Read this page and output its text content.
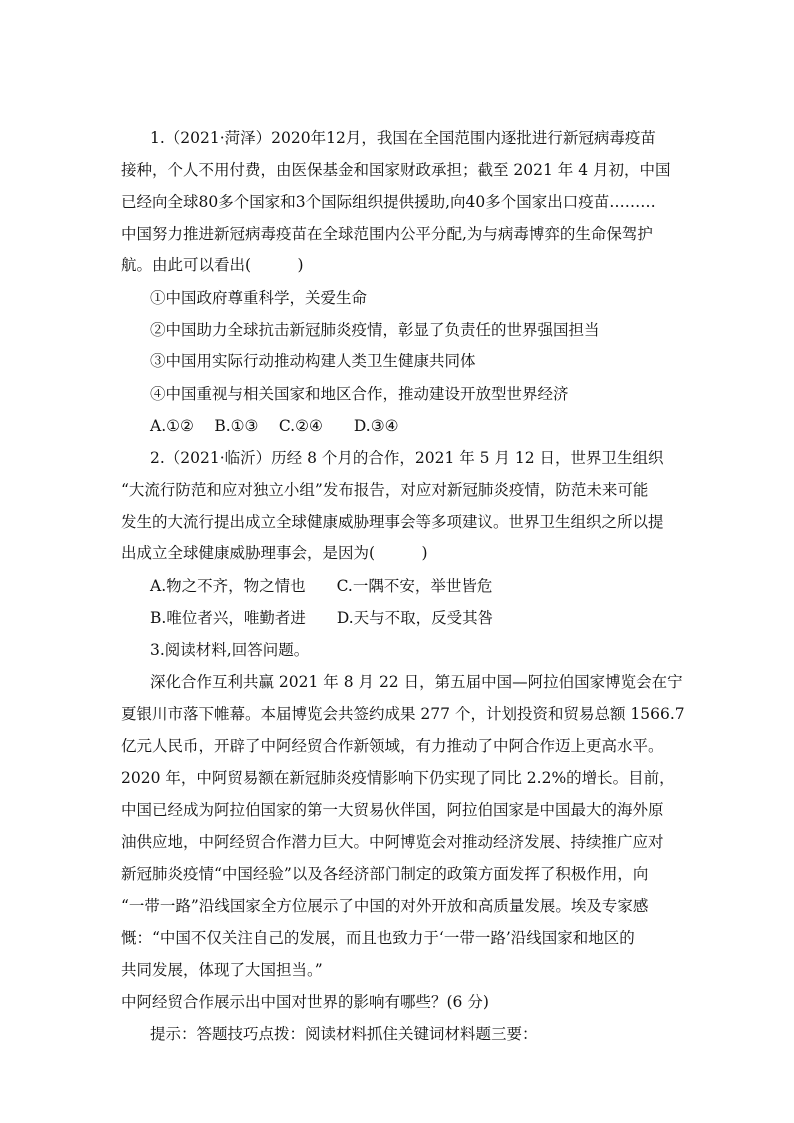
1.（2021·菏泽）2020年12月，我国在全国范围内逐批进行新冠病毒疫苗
接种，个人不用付费，由医保基金和国家财政承担；截至 2021 年 4 月初，中国
已经向全球80多个国家和3个国际组织提供援助,向40多个国家出口疫苗………
中国努力推进新冠病毒疫苗在全球范围内公平分配,为与病毒博弈的生命保驾护
航。由此可以看出(　　　)
①中国政府尊重科学，关爱生命
②中国助力全球抗击新冠肺炎疫情，彰显了负责任的世界强国担当
③中国用实际行动推动构建人类卫生健康共同体
④中国重视与相关国家和地区合作，推动建设开放型世界经济
A.①②　 B.①③　 C.②④　　D.③④
2.（2021·临沂）历经 8 个月的合作，2021 年 5 月 12 日，世界卫生组织
“大流行防范和应对独立小组”发布报告，对应对新冠肺炎疫情，防范未来可能
发生的大流行提出成立全球健康威胁理事会等多项建议。世界卫生组织之所以提
出成立全球健康威胁理事会，是因为(　　　)
A.物之不齐，物之情也　　C.一隅不安，举世皆危
B.唯位者兴，唯勤者进　　D.天与不取，反受其咎
3.阅读材料,回答问题。
深化合作互利共赢 2021 年 8 月 22 日，第五届中国—阿拉伯国家博览会在宁
夏银川市落下帷幕。本届博览会共签约成果 277 个，计划投资和贸易总额 1566.7
亿元人民币，开辟了中阿经贸合作新领域，有力推动了中阿合作迈上更高水平。
2020 年，中阿贸易额在新冠肺炎疫情影响下仍实现了同比 2.2%的增长。目前，
中国已经成为阿拉伯国家的第一大贸易伙伴国，阿拉伯国家是中国最大的海外原
油供应地，中阿经贸合作潜力巨大。中阿博览会对推动经济发展、持续推广应对
新冠肺炎疫情“中国经验”以及各经济部门制定的政策方面发挥了积极作用，向
“一带一路”沿线国家全方位展示了中国的对外开放和高质量发展。埃及专家感
慨：“中国不仅关注自己的发展，而且也致力于‘一带一路’沿线国家和地区的
共同发展，体现了大国担当。”
中阿经贸合作展示出中国对世界的影响有哪些？(6 分)
提示：答题技巧点拨：阅读材料抓住关键词材料题三要：
